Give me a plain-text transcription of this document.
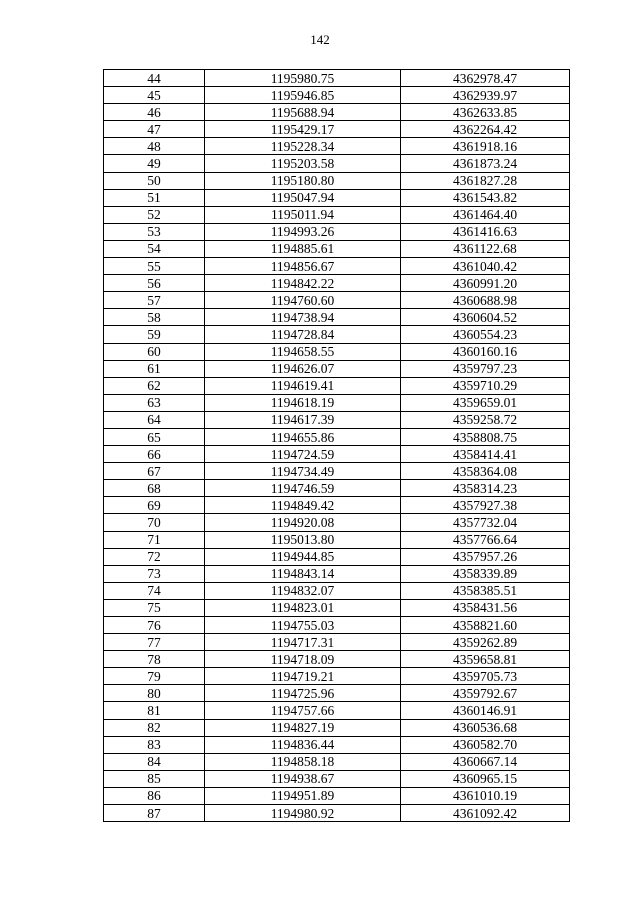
142
44	1195980.75	4362978.47
45	1195946.85	4362939.97
46	1195688.94	4362633.85
47	1195429.17	4362264.42
48	1195228.34	4361918.16
49	1195203.58	4361873.24
50	1195180.80	4361827.28
51	1195047.94	4361543.82
52	1195011.94	4361464.40
53	1194993.26	4361416.63
54	1194885.61	4361122.68
55	1194856.67	4361040.42
56	1194842.22	4360991.20
57	1194760.60	4360688.98
58	1194738.94	4360604.52
59	1194728.84	4360554.23
60	1194658.55	4360160.16
61	1194626.07	4359797.23
62	1194619.41	4359710.29
63	1194618.19	4359659.01
64	1194617.39	4359258.72
65	1194655.86	4358808.75
66	1194724.59	4358414.41
67	1194734.49	4358364.08
68	1194746.59	4358314.23
69	1194849.42	4357927.38
70	1194920.08	4357732.04
71	1195013.80	4357766.64
72	1194944.85	4357957.26
73	1194843.14	4358339.89
74	1194832.07	4358385.51
75	1194823.01	4358431.56
76	1194755.03	4358821.60
77	1194717.31	4359262.89
78	1194718.09	4359658.81
79	1194719.21	4359705.73
80	1194725.96	4359792.67
81	1194757.66	4360146.91
82	1194827.19	4360536.68
83	1194836.44	4360582.70
84	1194858.18	4360667.14
85	1194938.67	4360965.15
86	1194951.89	4361010.19
87	1194980.92	4361092.42
